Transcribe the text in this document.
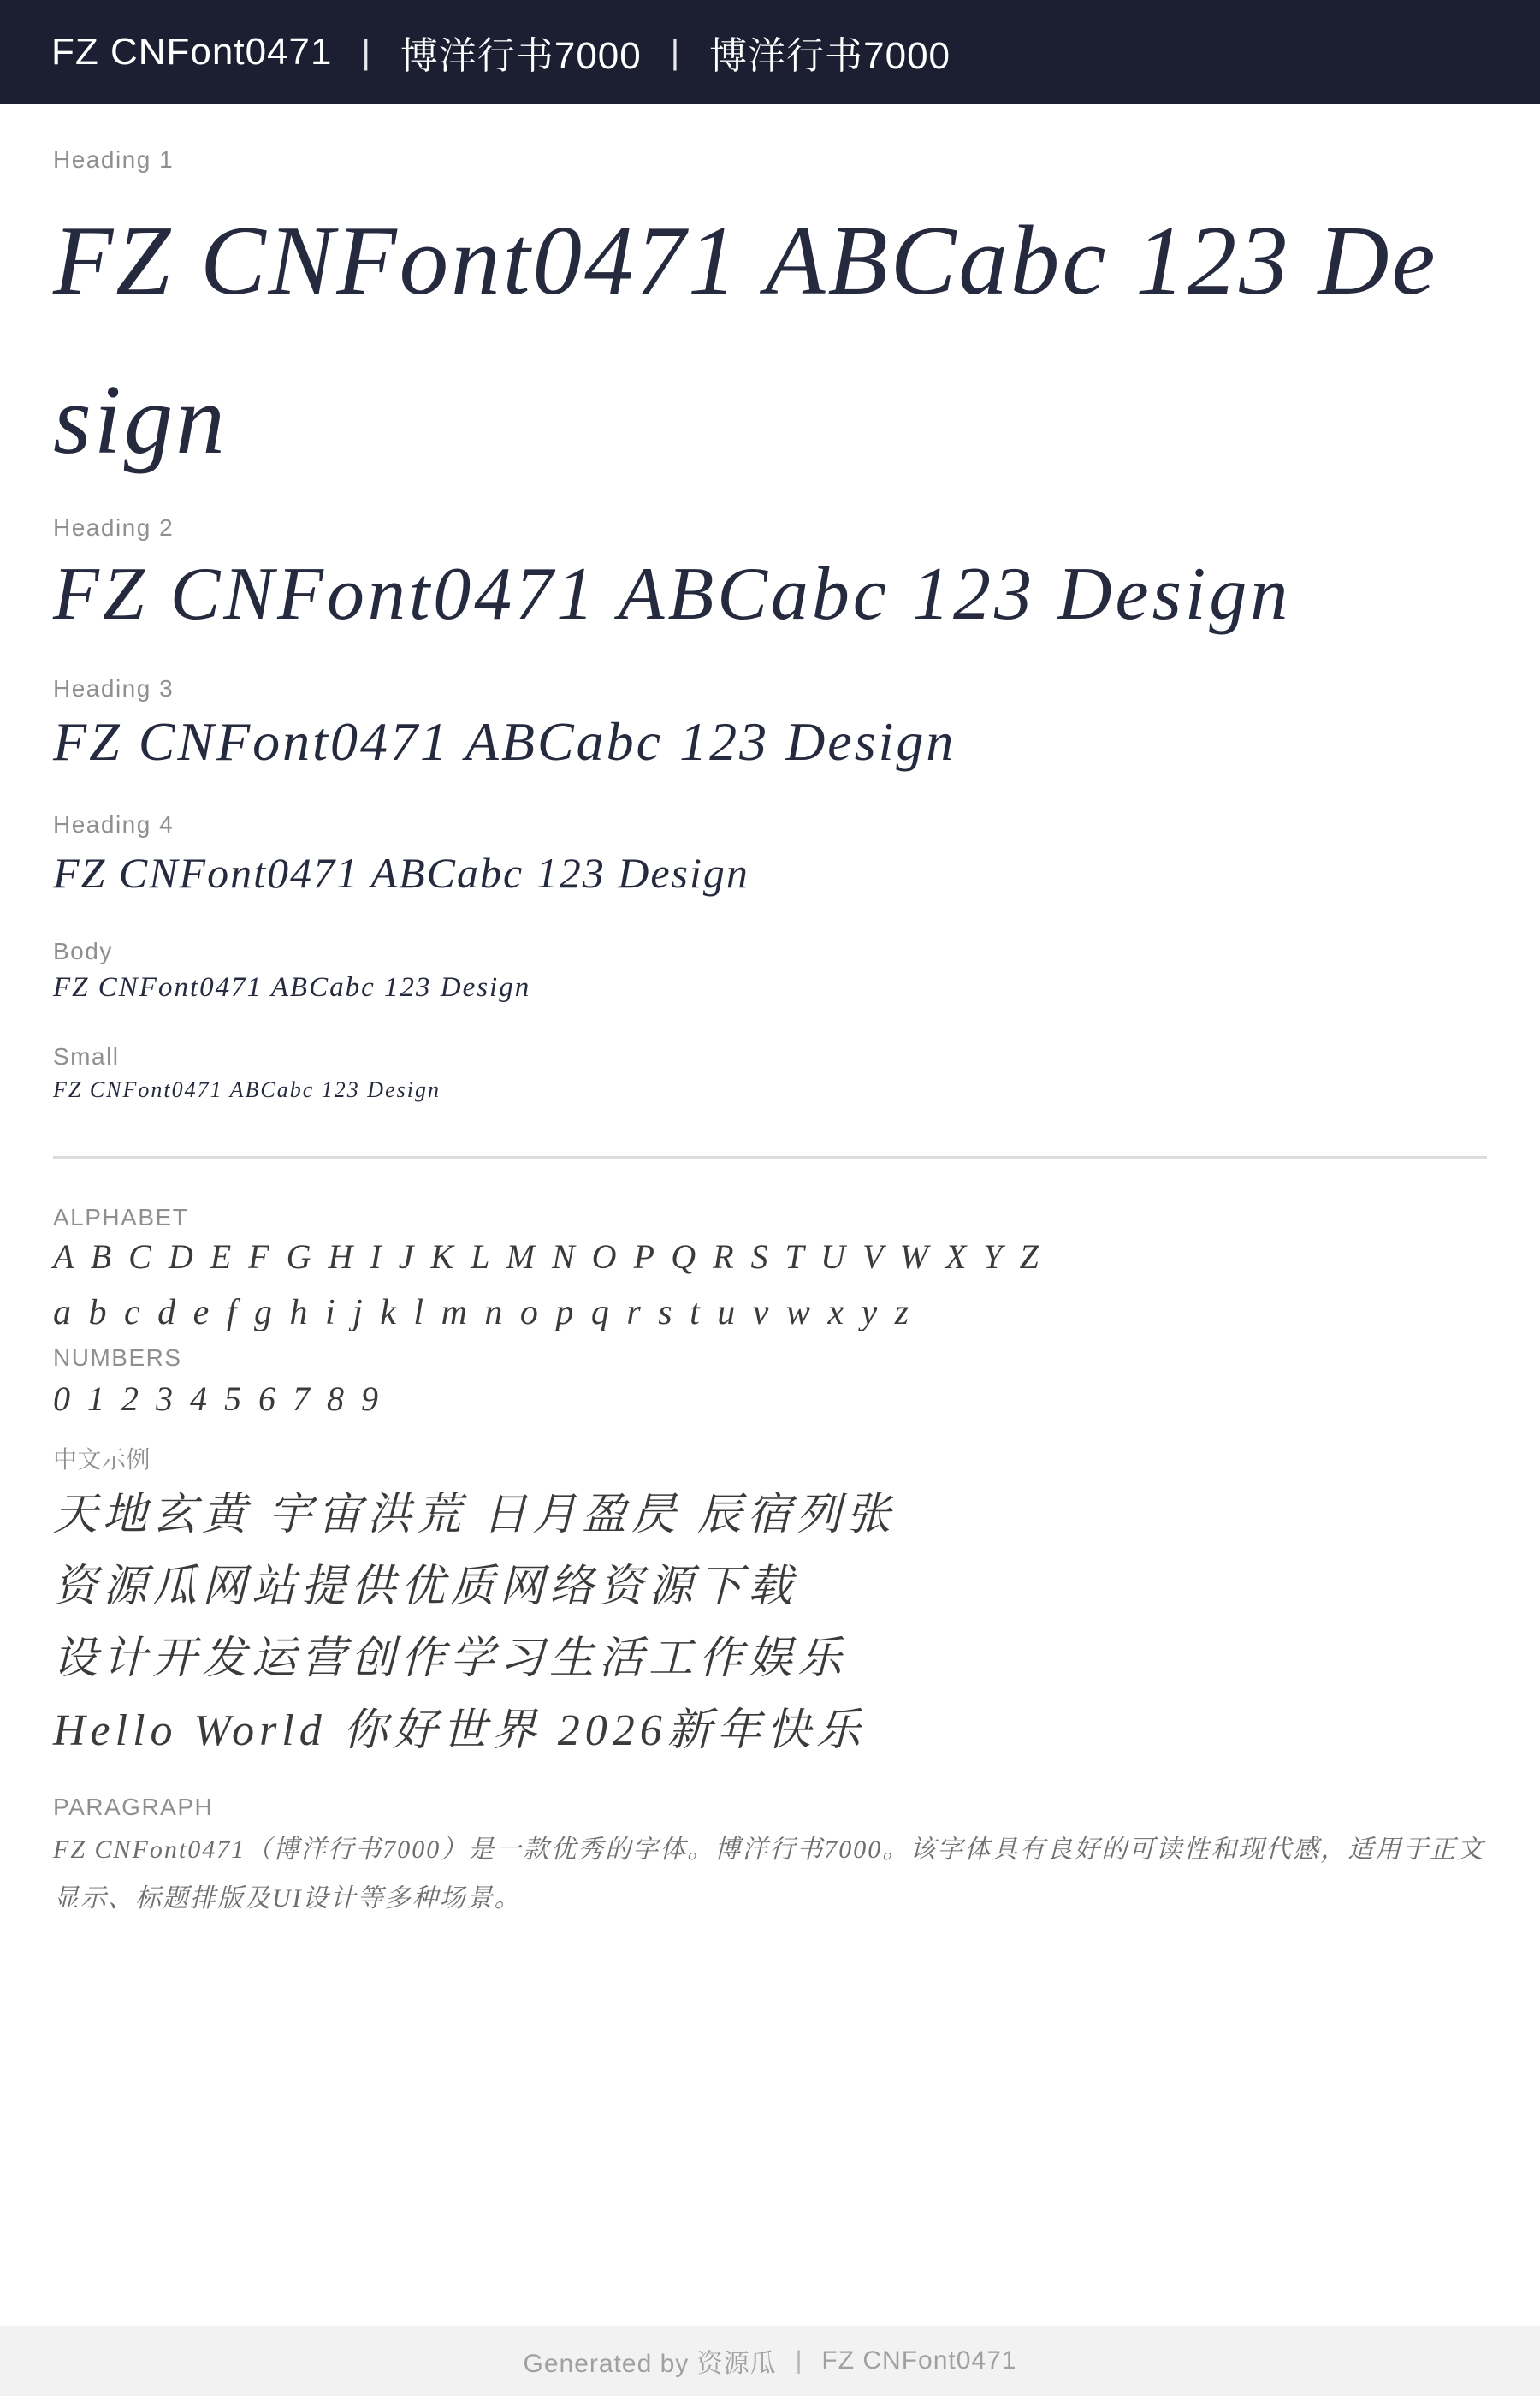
FZ CNFont0471 | 博洋行书7000 | 博洋行书7000
Heading 1
FZ CNFont0471 ABCabc 123 Design
Heading 2
FZ CNFont0471 ABCabc 123 Design
Heading 3
FZ CNFont0471 ABCabc 123 Design
Heading 4
FZ CNFont0471 ABCabc 123 Design
Body
FZ CNFont0471 ABCabc 123 Design
Small
FZ CNFont0471 ABCabc 123 Design
ALPHABET
A B C D E F G H I J K L M N O P Q R S T U V W X Y Z
a b c d e f g h i j k l m n o p q r s t u v w x y z
NUMBERS
0 1 2 3 4 5 6 7 8 9
中文示例
天地玄黄 宇宙洪荒 日月盈昃 辰宿列张
资源瓜网站提供优质网络资源下载
设计开发运营创作学习生活工作娱乐
Hello World 你好世界 2026新年快乐
PARAGRAPH
FZ CNFont0471（博洋行书7000）是一款优秀的字体。博洋行书7000。该字体具有良好的可读性和现代感，适用于正文显示、标题排版及UI设计等多种场景。
Generated by 资源瓜 | FZ CNFont0471
